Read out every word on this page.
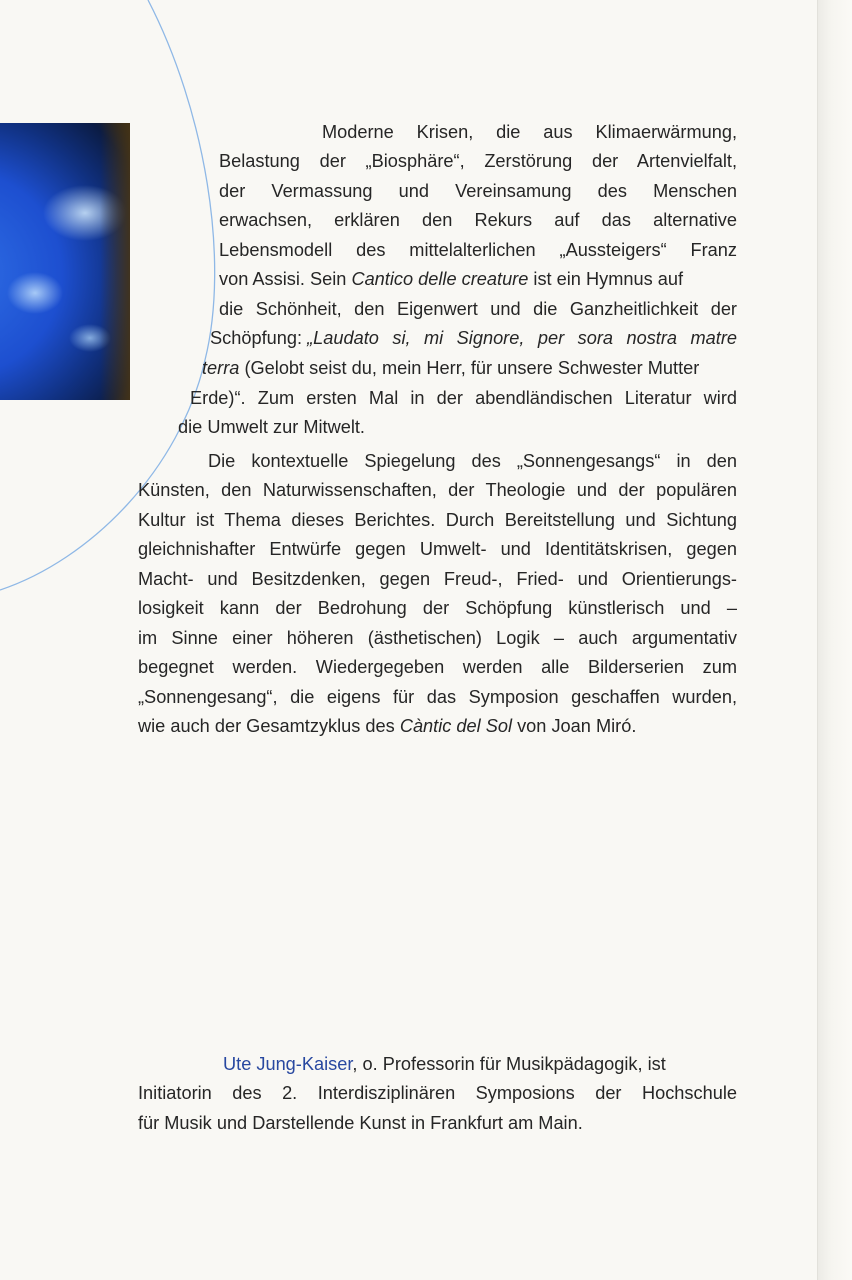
Moderne Krisen, die aus Klimaerwärmung,
Belastung der „Biosphäre“, Zerstörung der Artenvielfalt,
der Vermassung und Vereinsamung des Menschen
erwachsen, erklären den Rekurs auf das alternative
Lebensmodell des mittelalterlichen „Aussteigers“ Franz
von Assisi. Sein Cantico delle creature ist ein Hymnus auf
die Schönheit, den Eigenwert und die Ganzheitlichkeit der
Schöpfung: „Laudato si, mi Signore, per sora nostra matre
terra (Gelobt seist du, mein Herr, für unsere Schwester Mutter
Erde)“. Zum ersten Mal in der abendländischen Literatur wird
die Umwelt zur Mitwelt.
Die kontextuelle Spiegelung des „Sonnengesangs“ in den
Künsten, den Naturwissenschaften, der Theologie und der populären
Kultur ist Thema dieses Berichtes. Durch Bereitstellung und Sichtung
gleichnishafter Entwürfe gegen Umwelt- und Identitätskrisen, gegen
Macht- und Besitzdenken, gegen Freud-, Fried- und Orientierungs-
losigkeit kann der Bedrohung der Schöpfung künstlerisch und –
im Sinne einer höheren (ästhetischen) Logik – auch argumentativ
begegnet werden. Wiedergegeben werden alle Bilderserien zum
„Sonnengesang“, die eigens für das Symposion geschaffen wurden,
wie auch der Gesamtzyklus des Càntic del Sol von Joan Miró.
Ute Jung-Kaiser, o. Professorin für Musikpädagogik, ist
Initiatorin des 2. Interdisziplinären Symposions der Hochschule
für Musik und Darstellende Kunst in Frankfurt am Main.
